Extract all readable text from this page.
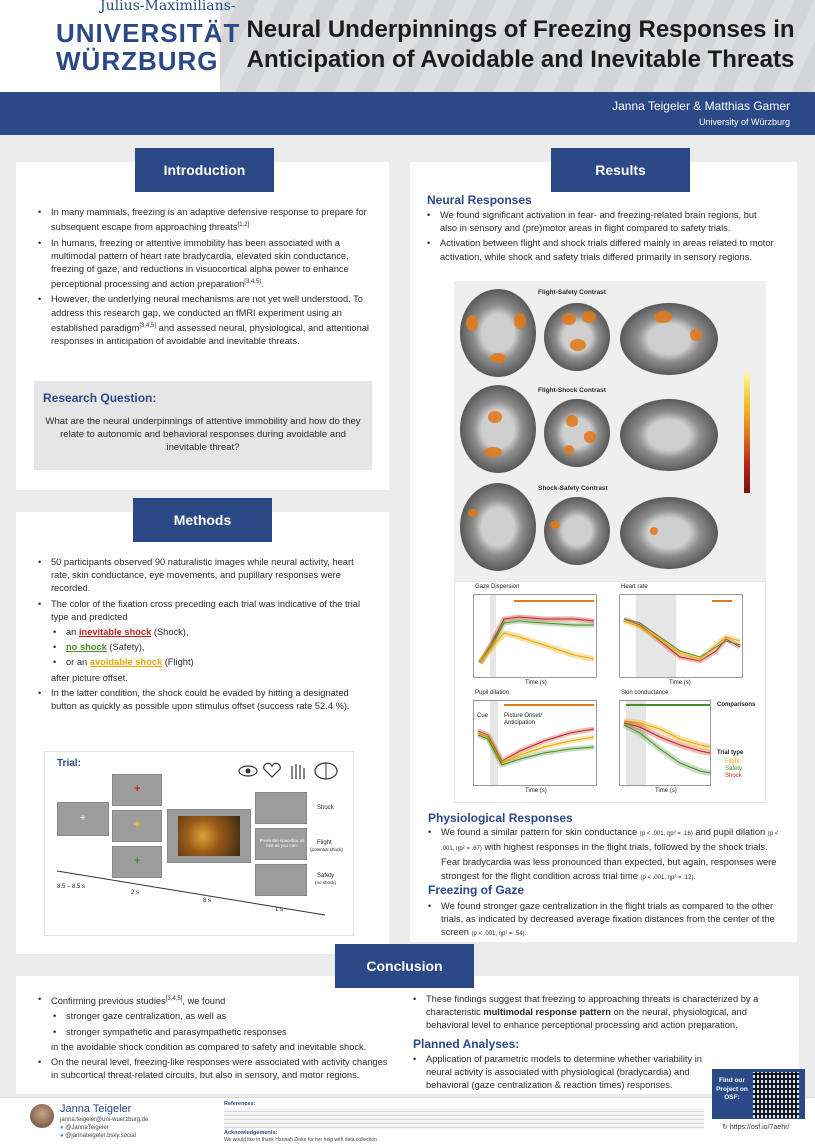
Julius-Maximilians-
UNIVERSITÄT
WÜRZBURG
Neural Underpinnings of Freezing Responses in
Anticipation of Avoidable and Inevitable Threats
Janna Teigeler & Matthias Gamer
University of Würzburg
Introduction
• In many mammals, freezing is an adaptive defensive response to prepare for subsequent escape from approaching threats[1,2]
• In humans, freezing or attentive immobility has been associated with a multimodal pattern of heart rate bradycardia, elevated skin conductance, freezing of gaze, and reductions in visuocortical alpha power to enhance perceptional processing and action preparation[3,4,5].
• However, the underlying neural mechanisms are not yet well understood. To address this research gap, we conducted an fMRI experiment using an established paradigm[3,4,5] and assessed neural, physiological, and attentional responses in anticipation of avoidable and inevitable threats.
Research Question:
What are the neural underpinnings of attentive immobility and how do they relate to autonomic and behavioral responses during avoidable and inevitable threat?
Methods
• 50 participants observed 90 naturalistic images while neural activity, heart rate, skin conductance, eye movements, and pupillary responses were recorded.
• The color of the fixation cross preceding each trial was indicative of the trial type and predicted
• an inevitable shock (Shock),
• no shock (Safety),
• or an avoidable shock (Flight)
after picture offset.
• In the latter condition, the shock could be evaded by hitting a designated button as quickly as possible upon stimulus offset (success rate 52.4 %).
Trial:
+
+
+
+
Press the spacebar as fast as you can!
Shock
Flight
(potential shock)
Safety
(no shock)
8.5 – 8.5 s
2 s
8 s
1 s
Results
Neural Responses
• We found significant activation in fear- and freezing-related brain regions, but also in sensory and (pre)motor areas in flight compared to safety trials.
• Activation between flight and shock trials differed mainly in areas related to motor activation, while shock and safety trials differed primarily in sensory regions.
Flight-Safety Contrast
Flight-Shock Contrast
Shock-Safety Contrast
Gaze Dispersion
Time (s)
Heart rate
Time (s)
Pupil dilation
Cue	Picture Onset/ Anticipation
Time (s)
Skin conductance
Time (s)
Comparisons
Trial type
Flight
Safety
Shock
Physiological Responses
• We found a similar pattern for skin conductance (p < .001, ηp² = .16) and pupil dilation (p < .001, ηp² = .67) with highest responses in the flight trials, followed by the shock trials. Fear bradycardia was less pronounced than expected, but again, responses were strongest for the flight condition across trial time (p < .001, ηp² = .12).
Freezing of Gaze
• We found stronger gaze centralization in the flight trials as compared to the other trials, as indicated by decreased average fixation distances from the center of the screen (p < .001, ηp² = .54).
Conclusion
• Confirming previous studies[3,4,5], we found
• stronger gaze centralization, as well as
• stronger sympathetic and parasympathetic responses
in the avoidable shock condition as compared to safety and inevitable shock.
• On the neural level, freezing-like responses were associated with activity changes in subcortical threat-related circuits, but also in sensory, and motor regions.
• These findings suggest that freezing to approaching threats is characterized by a characteristic multimodal response pattern on the neural, physiological, and behavioral level to enhance perceptional processing and action preparation.
Planned Analyses:
• Application of parametric models to determine whether variability in neural activity is associated with physiological (bradycardia) and behavioral (gaze centralization & reaction times) responses.
Janna Teigeler
janna.teigeler@uni-wuerzburg.de
● @JannaTeigeler
● @jannateigeler.bsky.social
References:
Acknowledgements:
We would like to thank Hannah Zinke for her help with data collection.
Find our Project on OSF:
↻ https://osf.io/7aehr/
